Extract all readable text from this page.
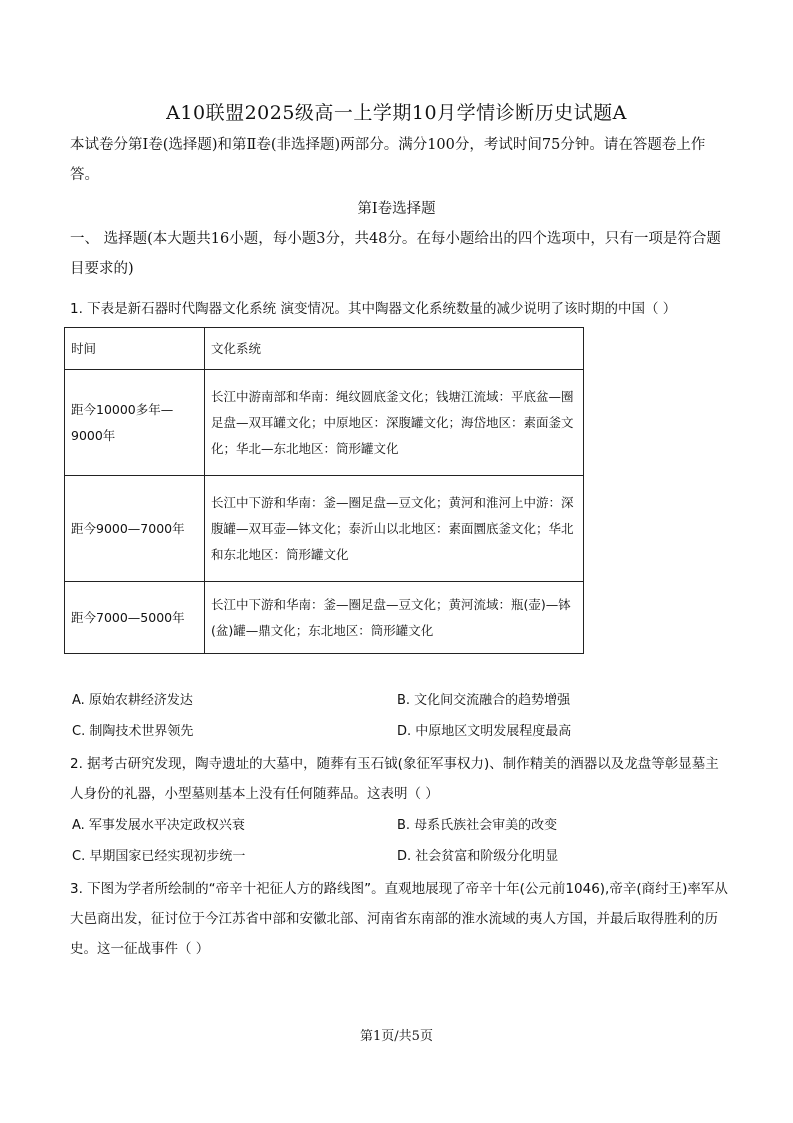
A10联盟2025级高一上学期10月学情诊断历史试题A
本试卷分第Ⅰ卷(选择题)和第Ⅱ卷(非选择题)两部分。满分100分，考试时间75分钟。请在答题卷上作答。
第Ⅰ卷选择题
一、 选择题(本大题共16小题，每小题3分，共48分。在每小题给出的四个选项中，只有一项是符合题目要求的)
1. 下表是新石器时代陶器文化系统 演变情况。其中陶器文化系统数量的减少说明了该时期的中国（ ）
时间	文化系统
距今10000多年—9000年	长江中游南部和华南：绳纹圆底釜文化；钱塘江流域：平底盆—圈足盘—双耳罐文化；中原地区：深腹罐文化；海岱地区：素面釜文化；华北—东北地区：筒形罐文化
距今9000—7000年	长江中下游和华南：釜—圈足盘—豆文化；黄河和淮河上中游：深腹罐—双耳壶—钵文化；泰沂山以北地区：素面圜底釜文化；华北和东北地区：筒形罐文化
距今7000—5000年	长江中下游和华南：釜—圈足盘—豆文化；黄河流域：瓶(壶)—钵(盆)罐—鼎文化；东北地区：筒形罐文化
A. 原始农耕经济发达	B. 文化间交流融合的趋势增强
C. 制陶技术世界领先	D. 中原地区文明发展程度最高
2. 据考古研究发现，陶寺遗址的大墓中，随葬有玉石钺(象征军事权力)、制作精美的酒器以及龙盘等彰显墓主人身份的礼器，小型墓则基本上没有任何随葬品。这表明（ ）
A. 军事发展水平决定政权兴衰	B. 母系氏族社会审美的改变
C. 早期国家已经实现初步统一	D. 社会贫富和阶级分化明显
3. 下图为学者所绘制的“帝辛十祀征人方的路线图”。直观地展现了帝辛十年(公元前1046),帝辛(商纣王)率军从大邑商出发，征讨位于今江苏省中部和安徽北部、河南省东南部的淮水流域的夷人方国，并最后取得胜利的历史。这一征战事件（ ）
第1页/共5页
